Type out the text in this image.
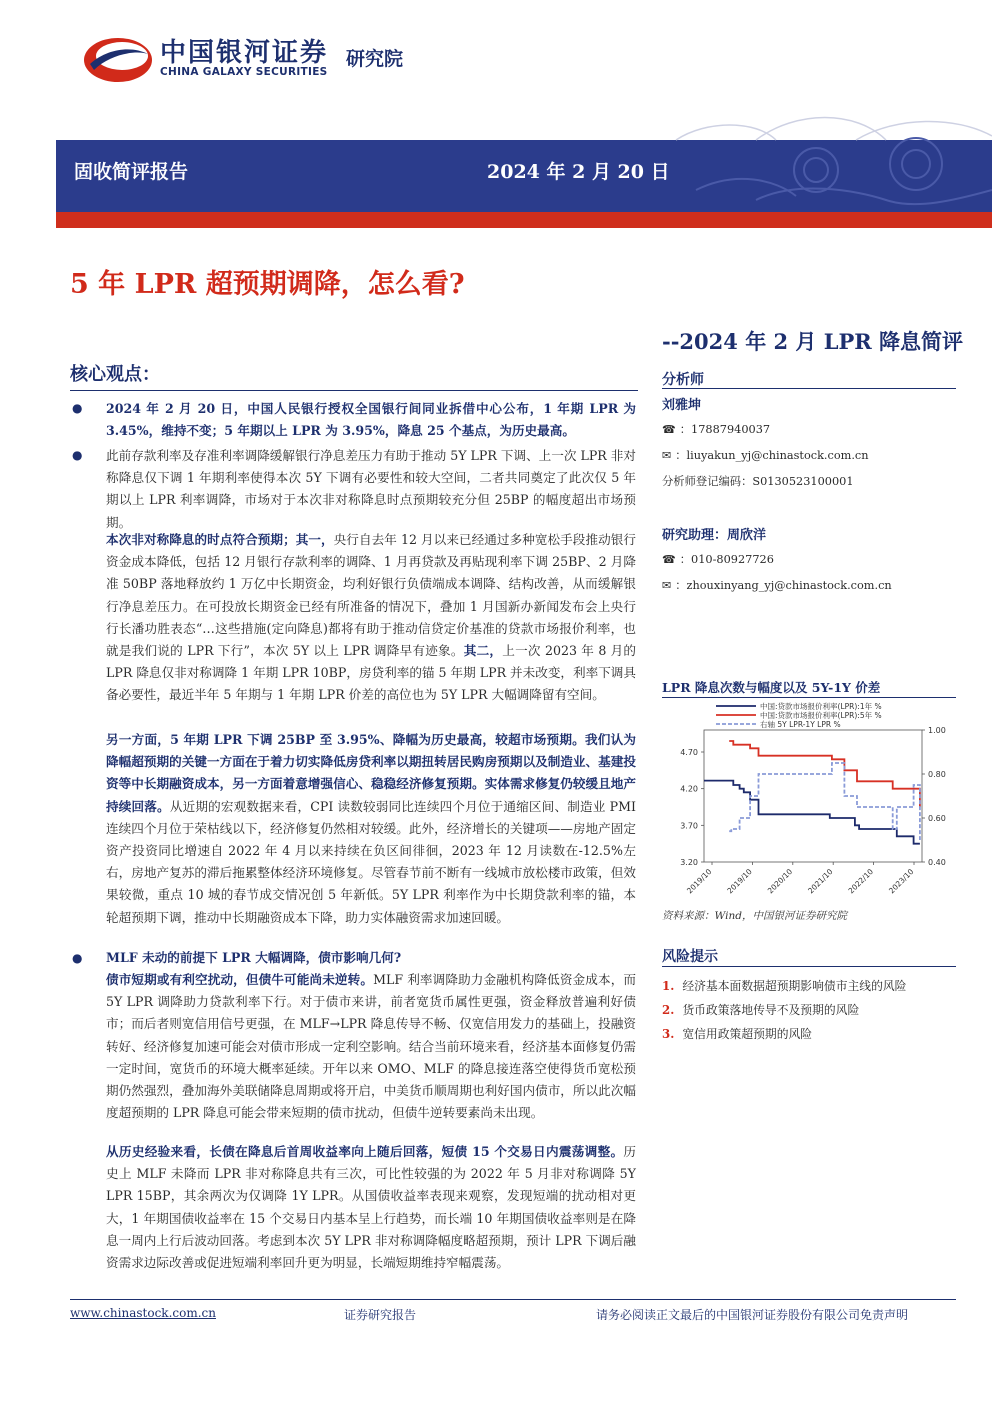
中国银河证券
CHINA GALAXY SECURITIES
研究院
固收简评报告	2024 年 2 月 20 日
5 年 LPR 超预期调降，怎么看?
--2024 年 2 月 LPR 降息简评
核心观点：
● 2024 年 2 月 20 日，中国人民银行授权全国银行间同业拆借中心公布，1 年期 LPR 为 3.45%，维持不变；5 年期以上 LPR 为 3.95%，降息 25 个基点，为历史最高。
● 此前存款利率及存准利率调降缓解银行净息差压力有助于推动 5Y LPR 下调、上一次 LPR 非对称降息仅下调 1 年期利率使得本次 5Y 下调有必要性和较大空间，二者共同奠定了此次仅 5 年期以上 LPR 利率调降，市场对于本次非对称降息时点预期较充分但 25BP 的幅度超出市场预期。
本次非对称降息的时点符合预期；其一，央行自去年 12 月以来已经通过多种宽松手段推动银行资金成本降低，包括 12 月银行存款利率的调降、1 月再贷款及再贴现利率下调 25BP、2 月降准 50BP 落地释放约 1 万亿中长期资金，均利好银行负债端成本调降、结构改善，从而缓解银行净息差压力。在可投放长期资金已经有所准备的情况下，叠加 1 月国新办新闻发布会上央行行长潘功胜表态“…这些措施(定向降息)都将有助于推动信贷定价基准的贷款市场报价利率，也就是我们说的 LPR 下行”，本次 5Y 以上 LPR 调降早有迹象。其二，上一次 2023 年 8 月的 LPR 降息仅非对称调降 1 年期 LPR 10BP，房贷利率的锚 5 年期 LPR 并未改变，利率下调具备必要性，最近半年 5 年期与 1 年期 LPR 价差的高位也为 5Y LPR 大幅调降留有空间。
另一方面，5 年期 LPR 下调 25BP 至 3.95%、降幅为历史最高，较超市场预期。我们认为降幅超预期的关键一方面在于着力切实降低房贷利率以期扭转居民购房预期以及制造业、基建投资等中长期融资成本，另一方面着意增强信心、稳稳经济修复预期。实体需求修复仍较缓且地产持续回落。从近期的宏观数据来看，CPI 读数较弱同比连续四个月位于通缩区间、制造业 PMI 连续四个月位于荣枯线以下，经济修复仍然相对较缓。此外，经济增长的关键项——房地产固定资产投资同比增速自 2022 年 4 月以来持续在负区间徘徊，2023 年 12 月读数在-12.5%左右，房地产复苏的滞后拖累整体经济环境修复。尽管春节前不断有一线城市放松楼市政策，但效果较微，重点 10 城的春节成交情况创 5 年新低。5Y LPR 利率作为中长期贷款利率的锚，本轮超预期下调，推动中长期融资成本下降，助力实体融资需求加速回暖。
● MLF 未动的前提下 LPR 大幅调降，债市影响几何?
债市短期或有利空扰动，但债牛可能尚未逆转。MLF 利率调降助力金融机构降低资金成本，而 5Y LPR 调降助力贷款利率下行。对于债市来讲，前者宽货币属性更强，资金释放普遍利好债市；而后者则宽信用信号更强，在 MLF→LPR 降息传导不畅、仅宽信用发力的基础上，投融资转好、经济修复加速可能会对债市形成一定利空影响。结合当前环境来看，经济基本面修复仍需一定时间，宽货币的环境大概率延续。开年以来 OMO、MLF 的降息接连落空使得货币宽松预期仍然强烈，叠加海外美联储降息周期或将开启，中美货币顺周期也利好国内债市，所以此次幅度超预期的 LPR 降息可能会带来短期的债市扰动，但债牛逆转要素尚未出现。
从历史经验来看，长债在降息后首周收益率向上随后回落，短债 15 个交易日内震荡调整。历史上 MLF 未降而 LPR 非对称降息共有三次，可比性较强的为 2022 年 5 月非对称调降 5Y LPR 15BP，其余两次为仅调降 1Y LPR。从国债收益率表现来观察，发现短端的扰动相对更大，1 年期国债收益率在 15 个交易日内基本呈上行趋势，而长端 10 年期国债收益率则是在降息一周内上行后波动回落。考虑到本次 5Y LPR 非对称调降幅度略超预期，预计 LPR 下调后融资需求边际改善或促进短端利率回升更为明显，长端短期维持窄幅震荡。
分析师
刘雅坤
☎ ：17887940037
✉ ：liuyakun_yj@chinastock.com.cn
分析师登记编码：S0130523100001
研究助理：周欣洋
☎ ：010-80927726
✉ ：zhouxinyang_yj@chinastock.com.cn
LPR 降息次数与幅度以及 5Y-1Y 价差
中国:贷款市场报价利率(LPR):1年 %
中国:贷款市场报价利率(LPR):5年 %
右轴 5Y LPR-1Y LPR %
3.20
3.70
4.20
4.70
0.40
0.60
0.80
1.00
2019/10 2019/10 2020/10 2021/10 2022/10 2023/10
资料来源：Wind，中国银河证券研究院
风险提示
1. 经济基本面数据超预期影响债市主线的风险
2. 货币政策落地传导不及预期的风险
3. 宽信用政策超预期的风险
www.chinastock.com.cn	证券研究报告	请务必阅读正文最后的中国银河证券股份有限公司免责声明
